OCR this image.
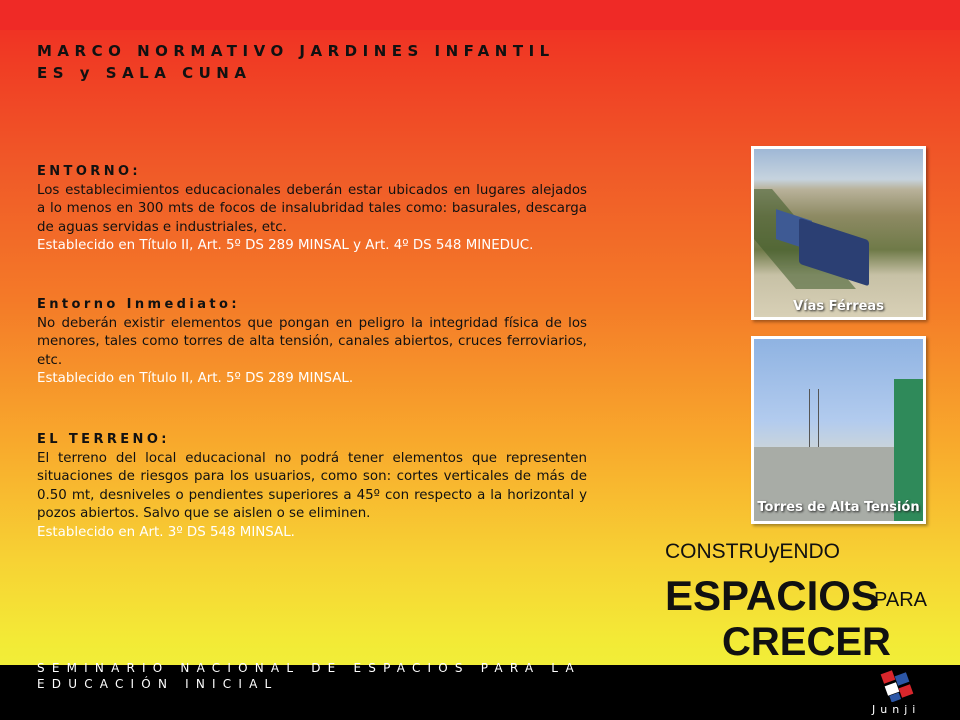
MARCO NORMATIVO JARDINES INFANTIL ES y SALA CUNA
ENTORNO:
Los establecimientos educacionales deberán estar ubicados en lugares alejados a lo menos en 300 mts de focos de insalubridad tales como: basurales, descarga de aguas servidas e industriales, etc.
Establecido en Título II, Art. 5º DS 289 MINSAL y Art. 4º DS 548 MINEDUC.
Entorno Inmediato:
No deberán existir elementos que pongan en peligro la integridad física de los menores, tales como torres de alta tensión, canales abiertos, cruces ferroviarios, etc.
Establecido en Título II, Art. 5º DS 289 MINSAL.
EL TERRENO:
El terreno del local educacional no podrá tener elementos que representen situaciones de riesgos para los usuarios, como son: cortes verticales de más de 0.50 mt, desniveles o pendientes superiores a 45º con respecto a la horizontal y pozos abiertos. Salvo que se aislen o se eliminen.
Establecido en Art. 3º DS 548 MINSAL.
Vías Férreas
Torres de Alta Tensión
CONSTRUyENDO
ESPACIOS
PARA
CRECER
SEMINARIO NACIONAL DE ESPACIOS PARA LA EDUCACIÓN INICIAL
Junji
